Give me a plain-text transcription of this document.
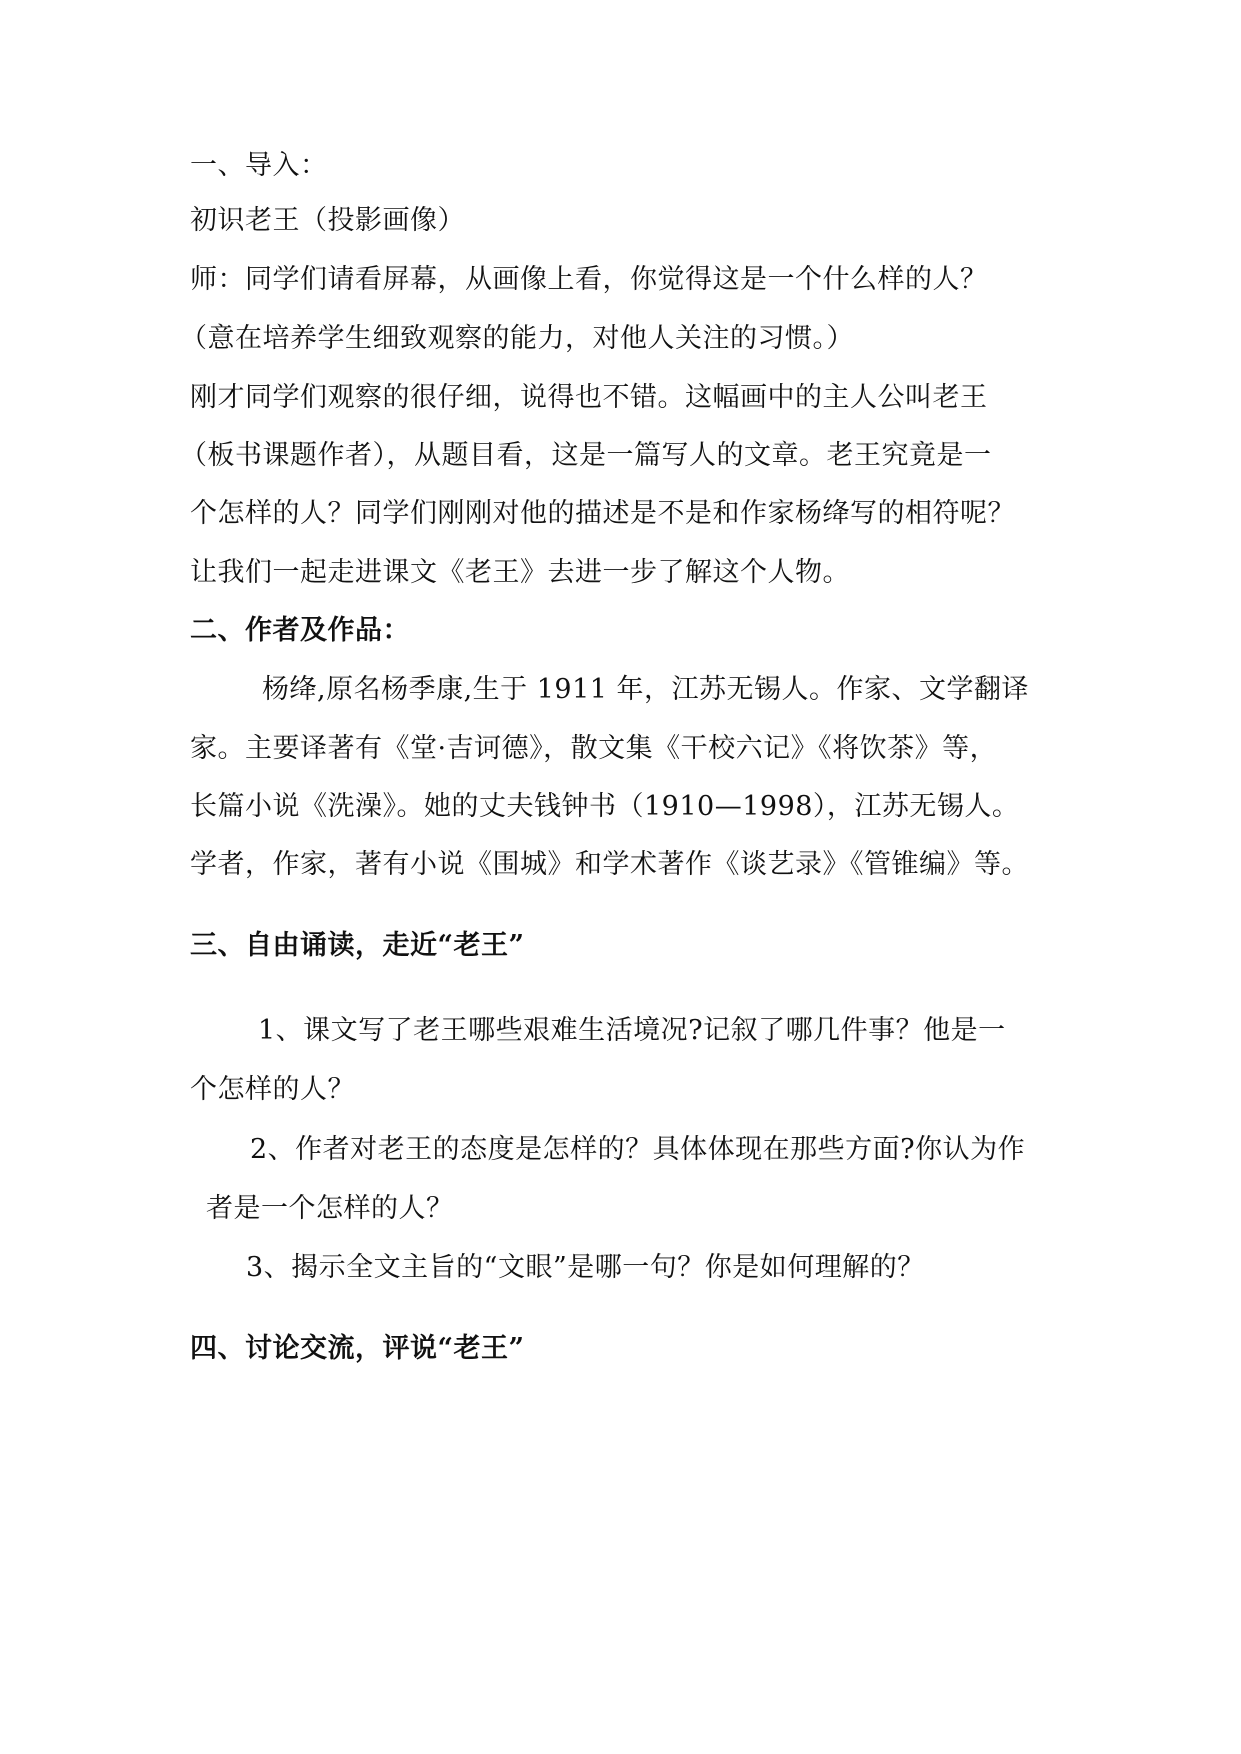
一、导入：
初识老王（投影画像）
师：同学们请看屏幕，从画像上看，你觉得这是一个什么样的人？
（意在培养学生细致观察的能力，对他人关注的习惯。）
刚才同学们观察的很仔细，说得也不错。这幅画中的主人公叫老王
（板书课题作者），从题目看，这是一篇写人的文章。老王究竟是一
个怎样的人？同学们刚刚对他的描述是不是和作家杨绛写的相符呢？
让我们一起走进课文《老王》去进一步了解这个人物。
二、作者及作品：
杨绛,原名杨季康,生于 1911 年，江苏无锡人。作家、文学翻译
家。主要译著有《堂·吉诃德》，散文集《干校六记》《将饮茶》等，
长篇小说《洗澡》。她的丈夫钱钟书（1910—1998），江苏无锡人。
学者，作家，著有小说《围城》和学术著作《谈艺录》《管锥编》等。
三、自由诵读，走近“老王”
1、课文写了老王哪些艰难生活境况?记叙了哪几件事？他是一
个怎样的人？
2、作者对老王的态度是怎样的？具体体现在那些方面?你认为作
者是一个怎样的人？
3、揭示全文主旨的“文眼”是哪一句？你是如何理解的？
四、讨论交流，评说“老王”
